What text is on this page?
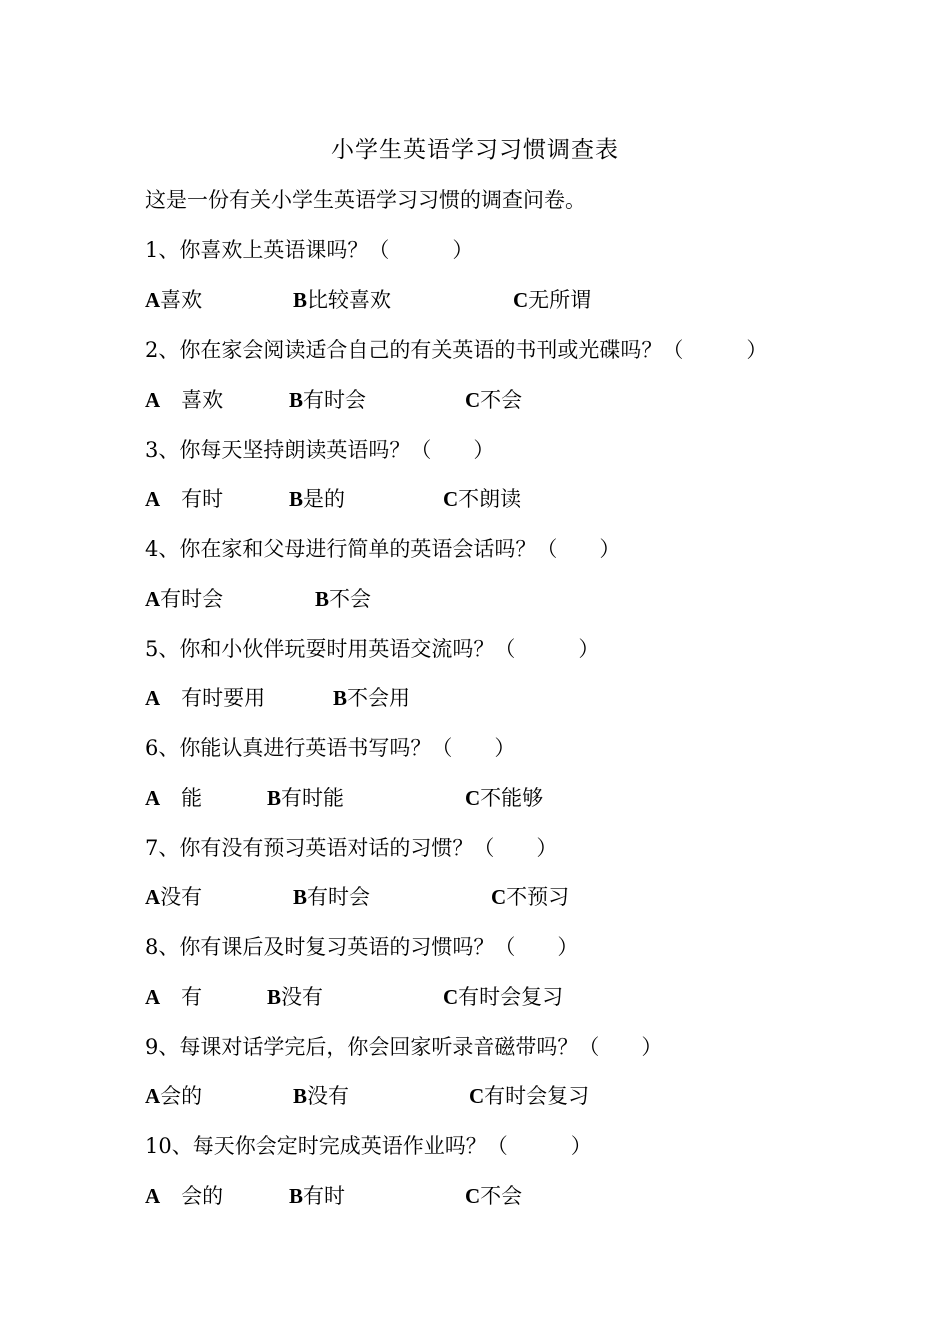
小学生英语学习习惯调查表
这是一份有关小学生英语学习习惯的调查问卷。
1、你喜欢上英语课吗？（　　　）
A喜欢	B比较喜欢	C无所谓
2、你在家会阅读适合自己的有关英语的书刊或光碟吗？（　　　）
A　喜欢	B有时会	C不会
3、你每天坚持朗读英语吗？（　　）
A　有时	B是的	C不朗读
4、你在家和父母进行简单的英语会话吗？（　　）
A有时会	B不会
5、你和小伙伴玩耍时用英语交流吗？（　　　）
A　有时要用	B不会用
6、你能认真进行英语书写吗？（　　）
A　能	B有时能	C不能够
7、你有没有预习英语对话的习惯？（　　）
A没有	B有时会	C不预习
8、你有课后及时复习英语的习惯吗？（　　）
A　有	B没有	C有时会复习
9、每课对话学完后，你会回家听录音磁带吗？（　　）
A会的	B没有	C有时会复习
10、每天你会定时完成英语作业吗？（　　　）
A　会的	B有时	C不会
